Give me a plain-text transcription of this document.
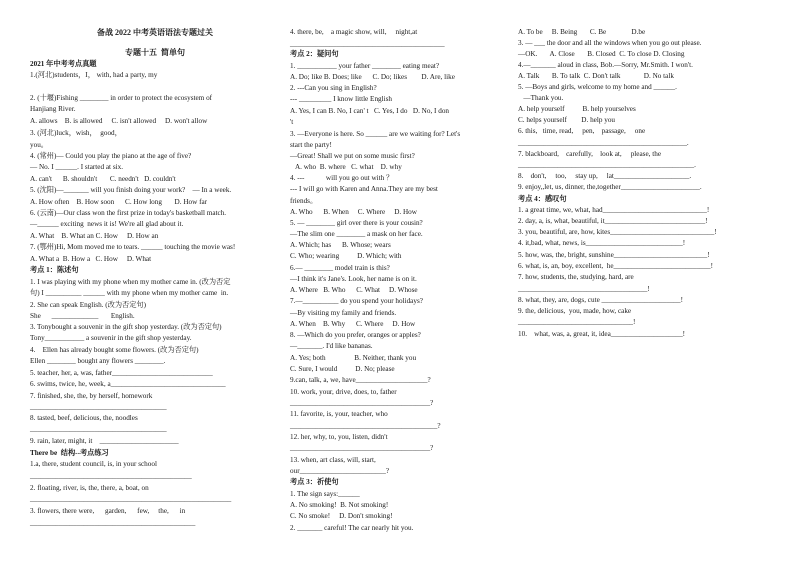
备战 2022 中考英语语法专题过关
专题十五  简单句
2021 年中考考点真题
1.(河北)students，I， with, had a party, my
2. (十堰)Fishing ________ in order to protect the ecosystem of
Hanjiang River.
A. allows    B. is allowed     C. isn't allowed     D. won't allow
3. (河北)luck，wish，  good，
you。
4. (常州)— Could you play the piano at the age of five?
— No. I ______. I started at six.
A. can't      B. shouldn't       C. needn't   D. couldn't
5. (沈阳)—_______ will you finish doing your work?    — In a week.
A. How often    B. How soon      C. How long       D. How far
6. (云南)—Our class won the first prize in today's basketball match.
—______ exciting  news it is! We're all glad about it.
A. What    B. What an C. How     D. How an
7. (鄂州)Hi, Mom moved me to tears. ______ touching the movie was!
A. What a  B. How a   C. How     D. What
考点 1：陈述句
1. I was playing with my phone when my mother came in. (改为否定
句) I __________ ______ with my phone when my mother came  in.
2. She can speak English. (改为否定句)
She      _____________       English.
3. Tonybought a souvenir in the gift shop yesterday. (改为否定句)
Tony___________ a souvenir in the gift shop yesterday.
4.    Ellen has already bought some flowers. (改为否定句)
Ellen ________ bought any flowers ________.
5. teacher, her, a, was, father____________________________
6. swims, twice, he, week, a________________________________
7. finished, she, the, by herself, homework
______________________________________
8. tasted, beef, delicious, the, noodles
______________________________________
9. rain, later, might, it    ______________________
There be  结构--考点练习
1.a, there, student council, is, in your school
_____________________________________________
2. floating, river, is, the, there, a, boat, on
________________________________________________________
3. flowers, there were,      garden,      few,     the,      in
______________________________________________
4. there, be,    a magic show, will,     night,at
___________________________________________
考点 2：疑问句
1. ___________ your father ________ eating meat?
A. Do; like B. Does; like      C. Do; likes        D. Are, like
2. ---Can you sing in English?
--- _________ I know little English
A. Yes, I can B. No, I can' t   C. Yes, I do   D. No, I don
't
3. —Everyone is here. So ______ are we waiting for? Let's
start the party!
—Great! Shall we put on some music first?
A. who  B. where   C. what    D. why
4. ---            will you go out with ？
--- I will go with Karen and Anna.They are my best
friends。
A. Who      B. When     C. Where     D. How
5. — ________ girl over there is your cousin?
—The slim one ________ a mask on her face.
A. Which; has      B. Whose; wears
C. Who; wearing          D. Which; with
6.— ________ model train is this?
—I think it's Jane's. Look, her name is on it.
A. Where   B. Who      C. What     D. Whose
7.—__________ do you spend your holidays?
—By visiting my family and friends.
A. When    B. Why      C. Where     D. How
8. —Which do you prefer, oranges or apples?
—_______. I'd like bananas.
A. Yes; both                B. Neither, thank you
C. Sure, I would          D. No; please
9.can, talk, a, we, have____________________?
10. work, your, drive, does, to, father
_______________________________________?
11. favorite, is, your, teacher, who
_________________________________________?
12. her, why, to, you, listen, didn't
_______________________________________?
13. when, art class, will, start,
our________________________?
考点 3：祈使句
1. The sign says:______
A. No smoking!  B. Not smoking!
C. No smoke!     D. Don't smoking!
2. _______ careful! The car nearly hit you.
A. To be     B. Being       C. Be              D.be
3. — ___ the door and all the windows when you go out please.
—OK.       A. Close       B. Closed  C. To close D. Closing
4.—_______ aloud in class, Bob.—Sorry, Mr.Smith. I won't.
A. Talk       B. To talk  C. Don't talk             D. No talk
5. —Boys and girls, welcome to my home and ______.
—Thank you.
A. help yourself          B. help yourselves
C. helps yourself        D. help you
6. this,   time, read,     pen,    passage,     one
_______________________________________________.
7. blackboard,    carefully,    look at,     please, the
_________________________________________________.
8.    don't,     too,     stay up,     lat_____________________.
9. enjoy,,let, us, dinner, the,together______________________.
考点 4：感叹句
1. a great time, we, what, had_____________________________!
2. day, a, is, what, beautiful, it____________________________!
3. you, beautiful, are, how, kites_____________________________!
4. it,bad, what, news, is___________________________!
5. how, was, the, bright, sunshine__________________________!
6. what, is, an, boy, excellent,  he___________________________!
7. how, students, the, studying, hard, are
____________________________________!
8. what, they, are, dogs, cute ______________________!
9. the, delicious,  you, made, how, cake
________________________________!
10.    what, was, a, great, it, idea____________________!
